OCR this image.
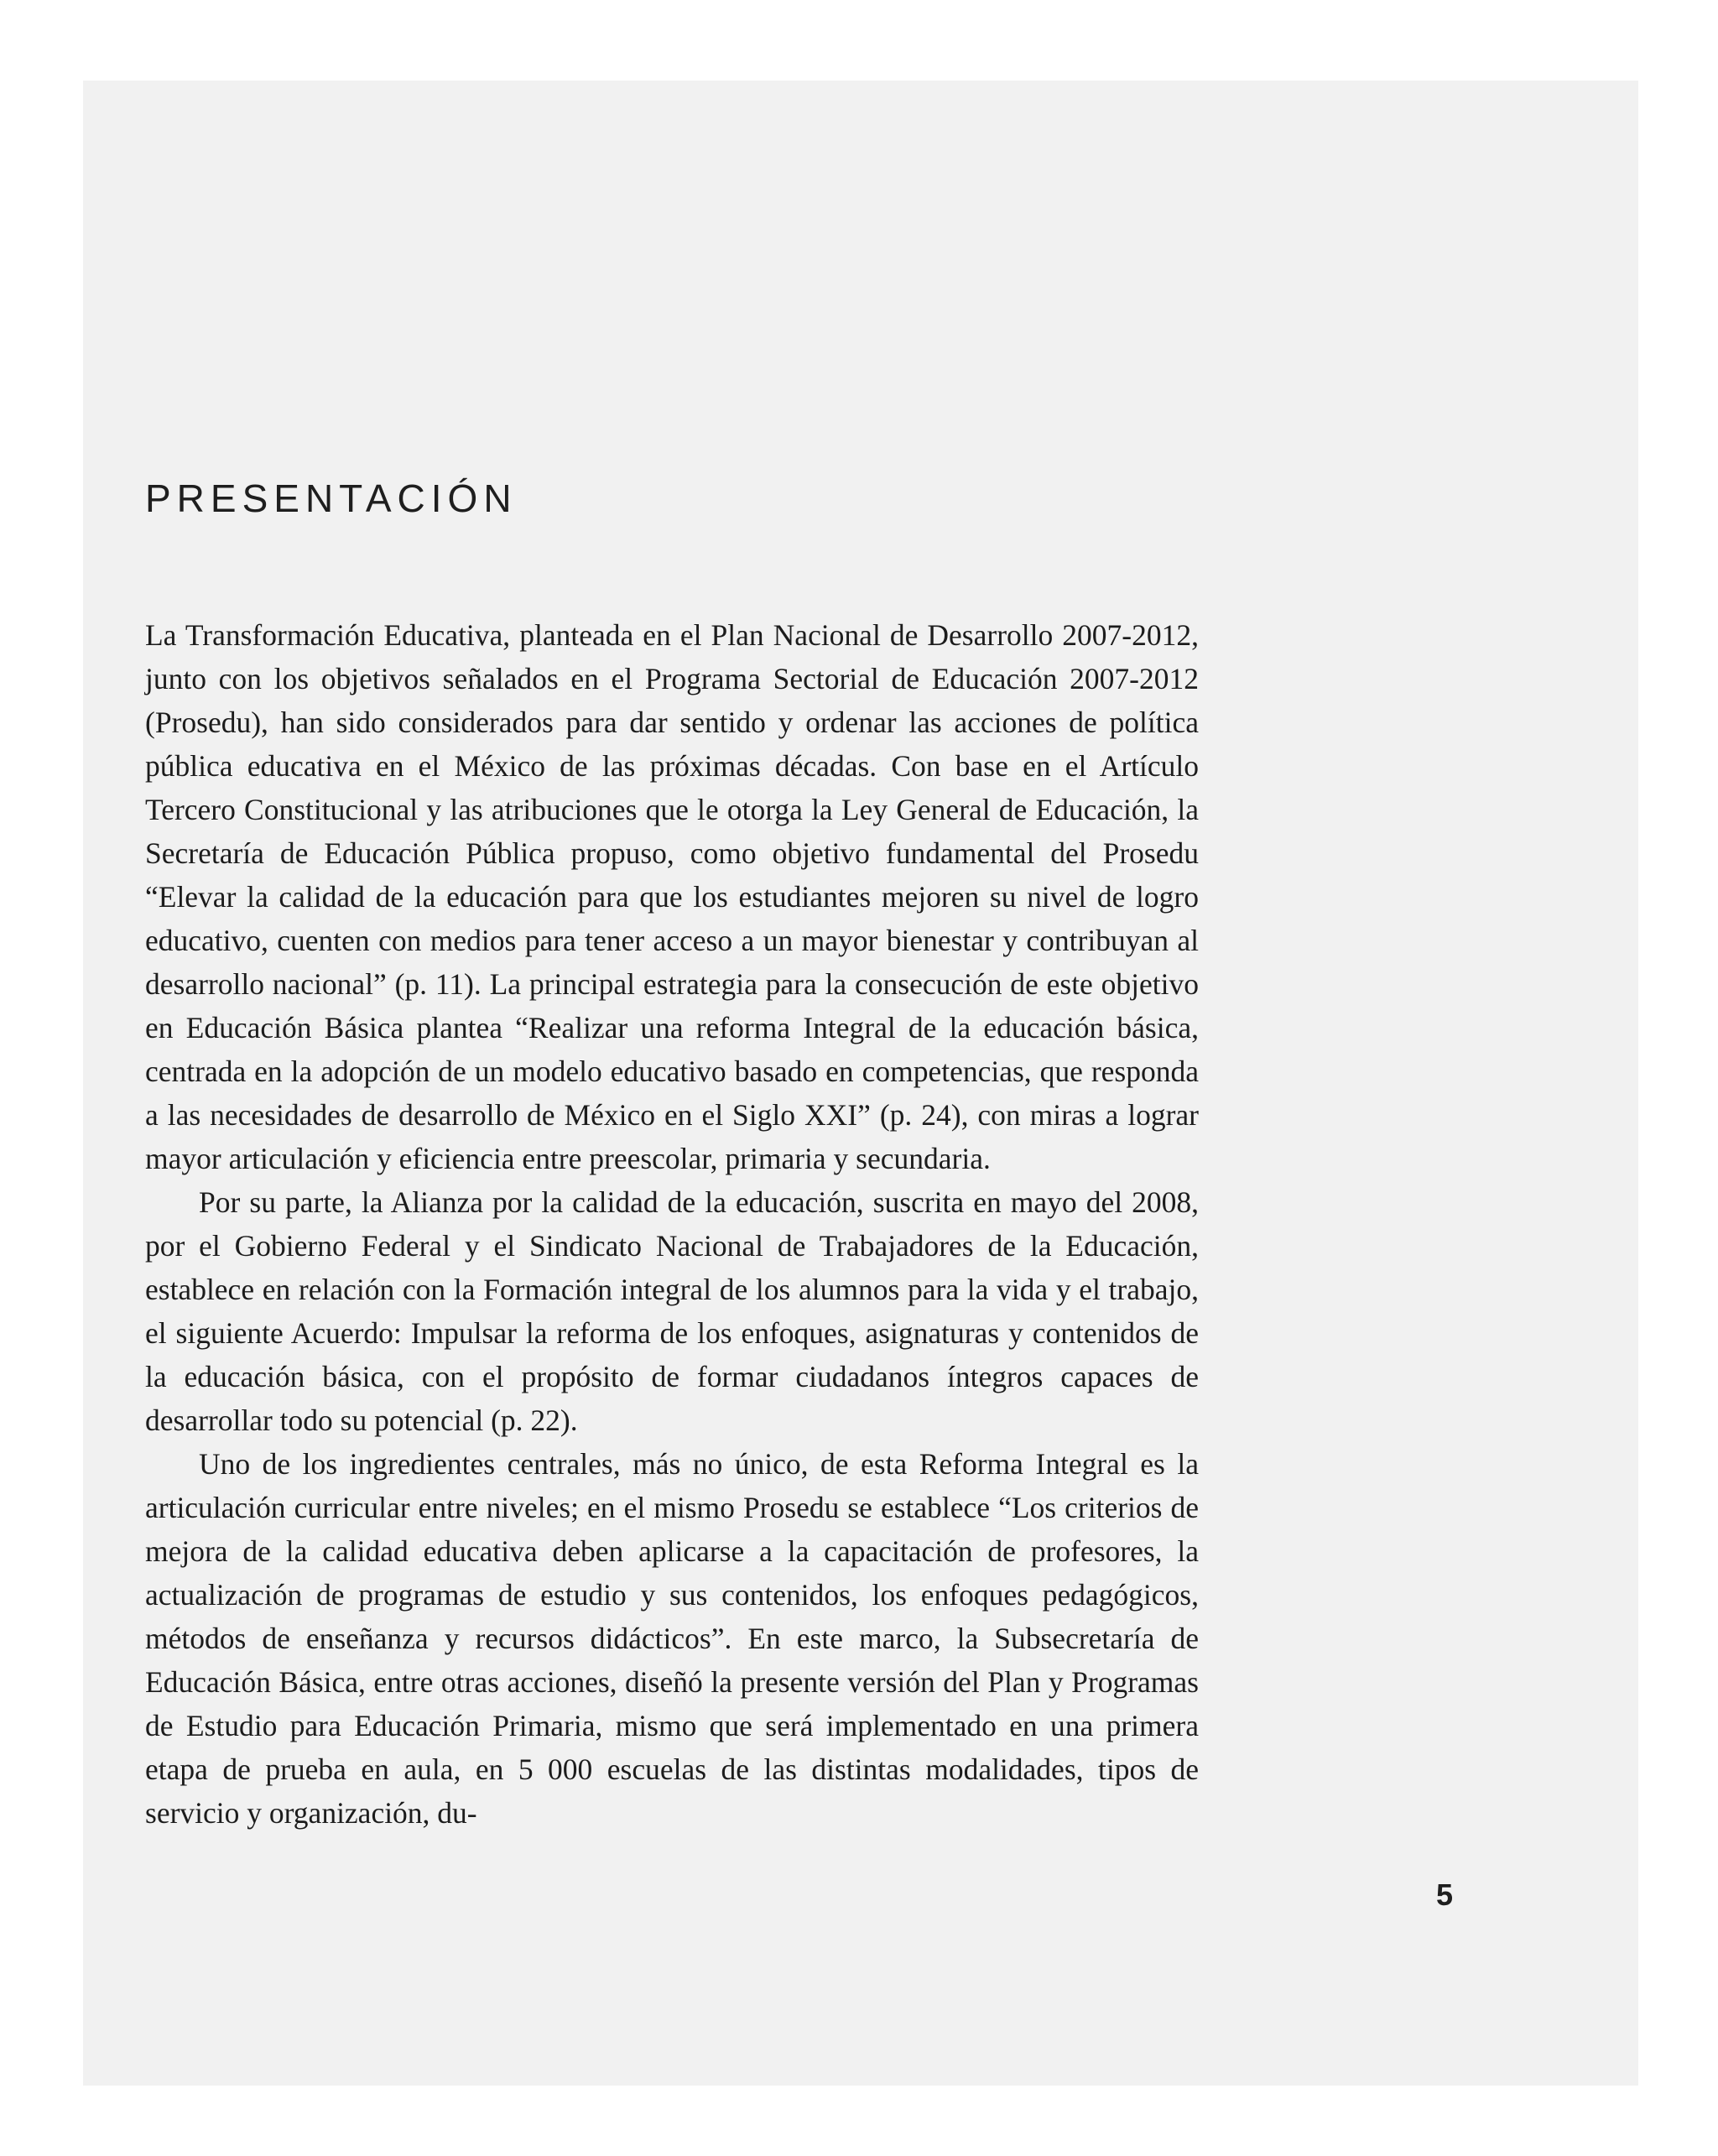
PRESENTACIÓN

La Transformación Educativa, planteada en el Plan Nacional de Desarrollo 2007-2012, junto con los objetivos señalados en el Programa Sectorial de Educación 2007-2012 (Prosedu), han sido considerados para dar sentido y ordenar las acciones de política pública educativa en el México de las próximas décadas. Con base en el Artículo Tercero Constitucional y las atribuciones que le otorga la Ley General de Educación, la Secretaría de Educación Pública propuso, como objetivo fundamental del Prosedu “Elevar la calidad de la educación para que los estudiantes mejoren su nivel de logro educativo, cuenten con medios para tener acceso a un mayor bienestar y contribuyan al desarrollo nacional” (p. 11). La principal estrategia para la consecución de este objetivo en Educación Básica plantea “Realizar una reforma Integral de la educación básica, centrada en la adopción de un modelo educativo basado en competencias, que responda a las necesidades de desarrollo de México en el Siglo XXI” (p. 24), con miras a lograr mayor articulación y eficiencia entre preescolar, primaria y secundaria.

Por su parte, la Alianza por la calidad de la educación, suscrita en mayo del 2008, por el Gobierno Federal y el Sindicato Nacional de Trabajadores de la Educación, establece en relación con la Formación integral de los alumnos para la vida y el trabajo, el siguiente Acuerdo: Impulsar la reforma de los enfoques, asignaturas y contenidos de la educación básica, con el propósito de formar ciudadanos íntegros capaces de desarrollar todo su potencial (p. 22).

Uno de los ingredientes centrales, más no único, de esta Reforma Integral es la articulación curricular entre niveles; en el mismo Prosedu se establece “Los criterios de mejora de la calidad educativa deben aplicarse a la capacitación de profesores, la actualización de programas de estudio y sus contenidos, los enfoques pedagógicos, métodos de enseñanza y recursos didácticos”. En este marco, la Subsecretaría de Educación Básica, entre otras acciones, diseñó la presente versión del Plan y Programas de Estudio para Educación Primaria, mismo que será implementado en una primera etapa de prueba en aula, en 5 000 escuelas de las distintas modalidades, tipos de servicio y organización, du-

5
